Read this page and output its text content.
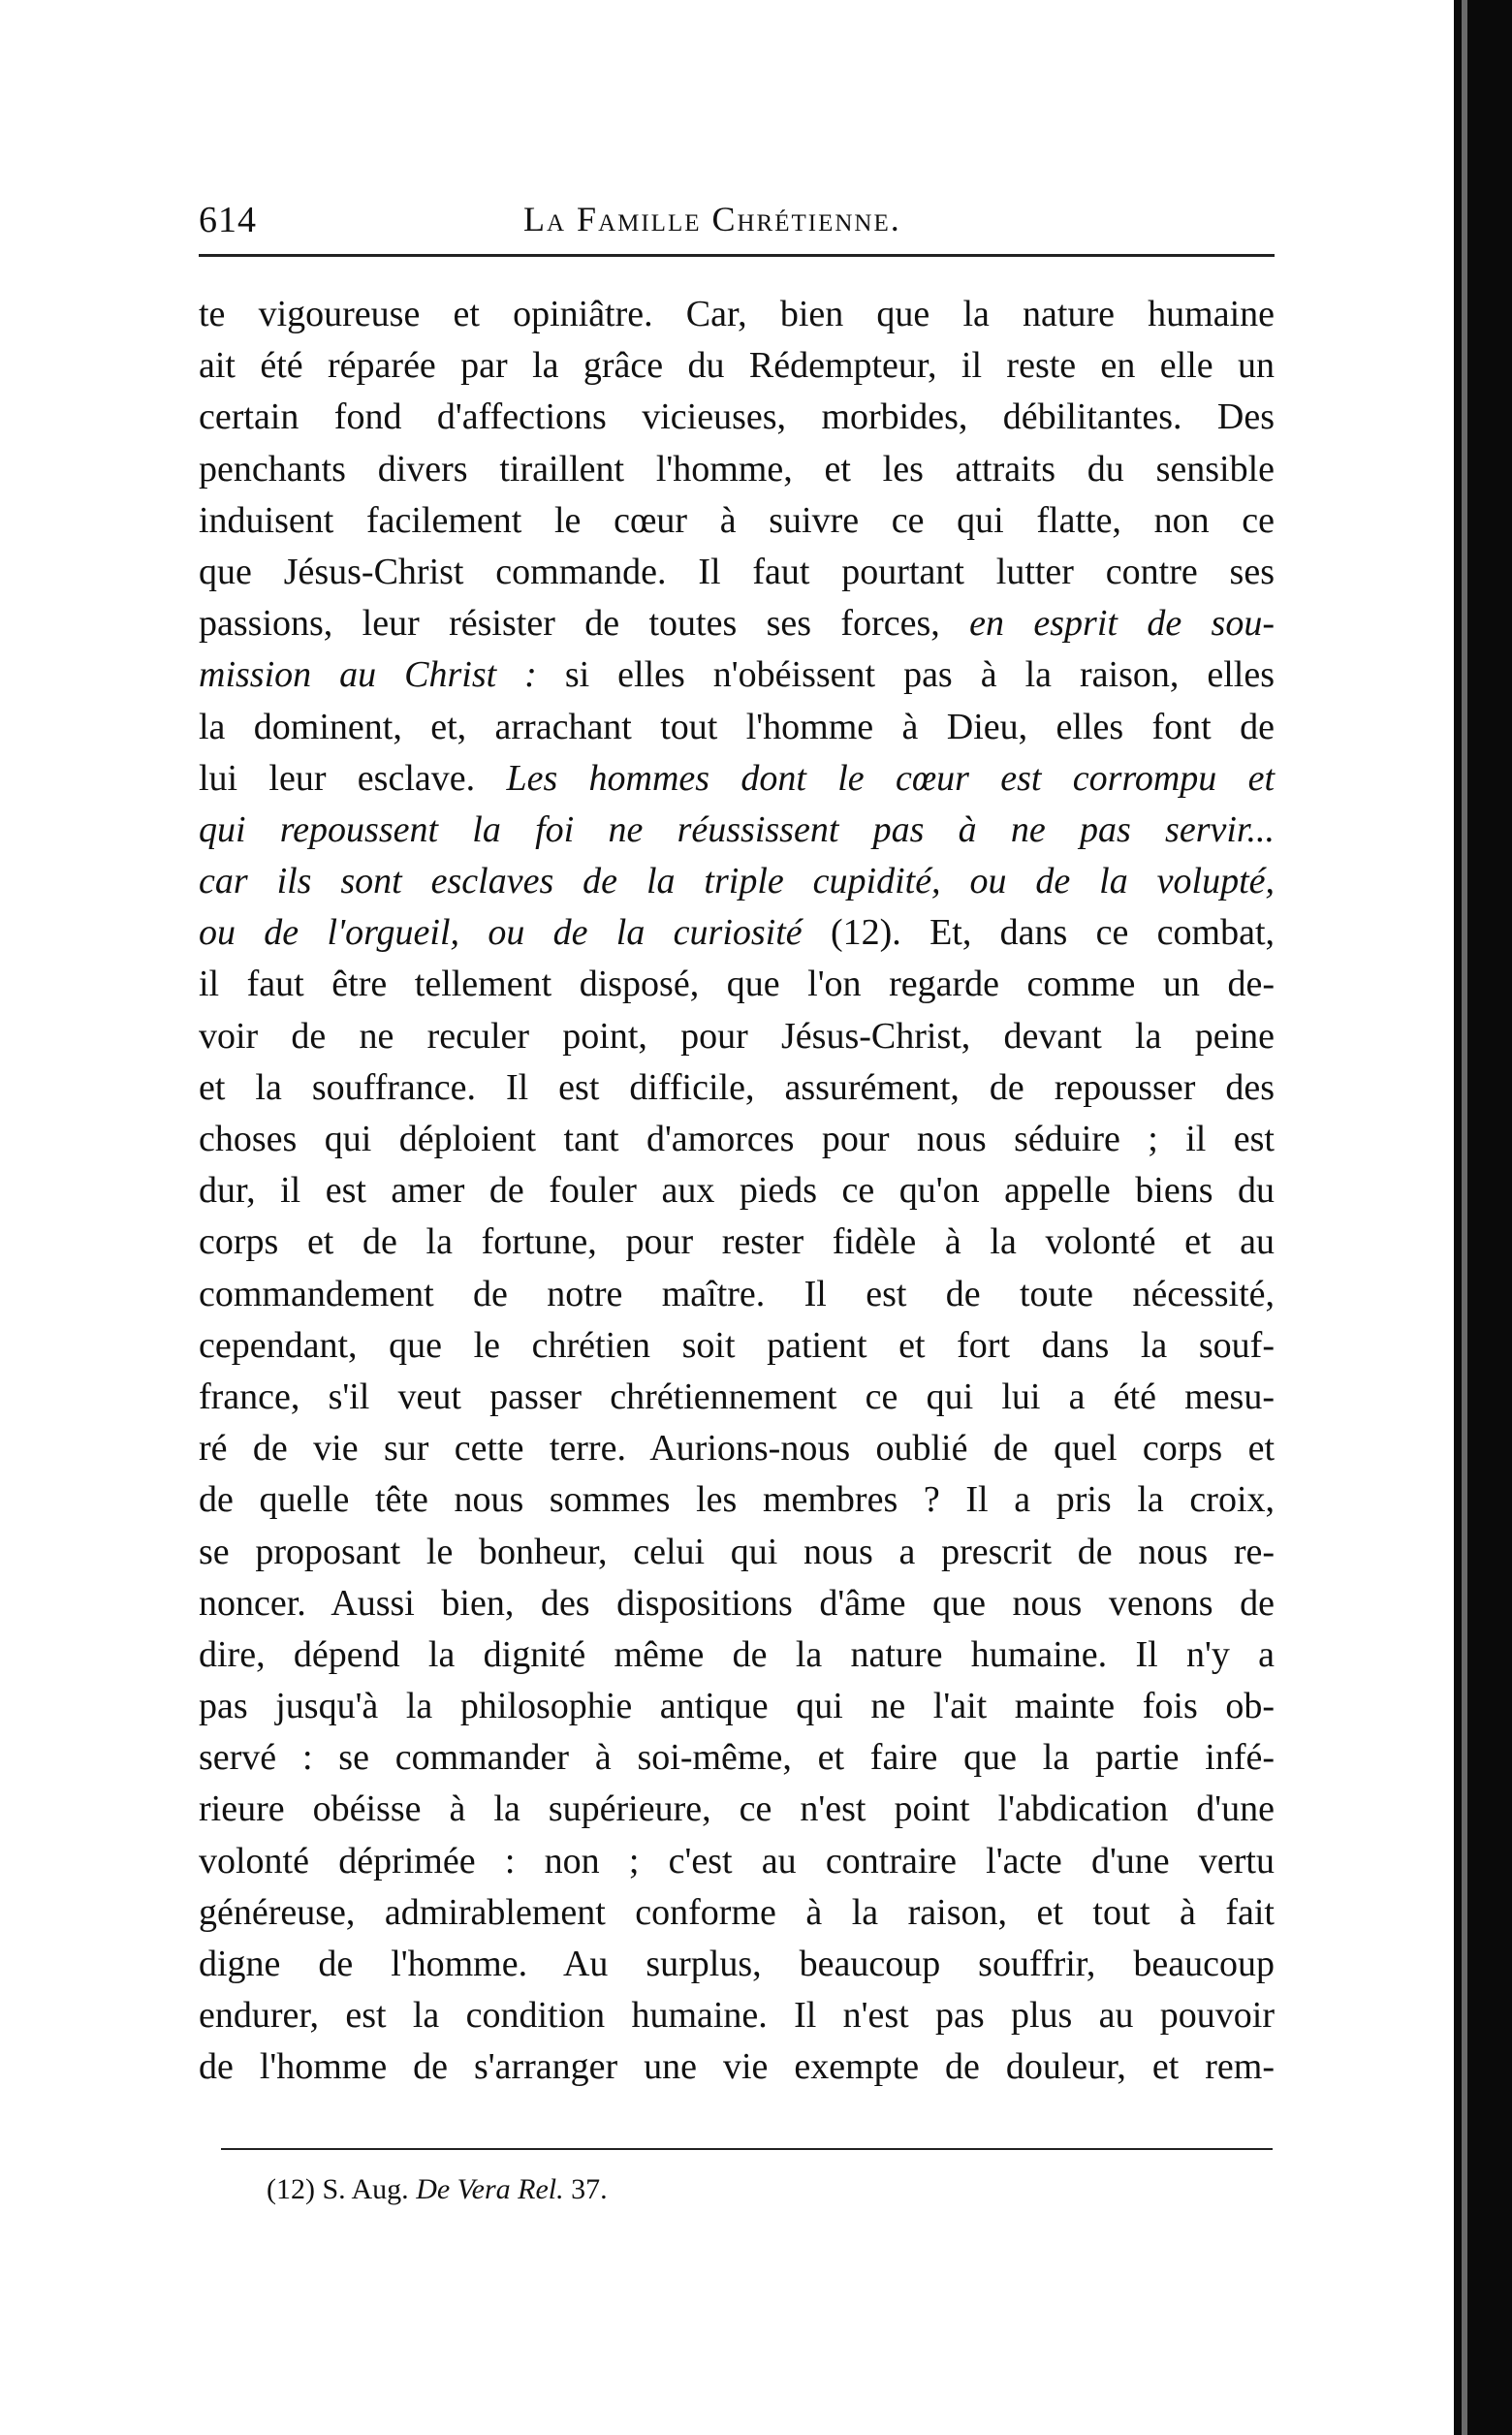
614	La Famille Chrétienne.
te vigoureuse et opiniâtre. Car, bien que la nature humaine
ait été réparée par la grâce du Rédempteur, il reste en elle un
certain fond d'affections vicieuses, morbides, débilitantes. Des
penchants divers tiraillent l'homme, et les attraits du sensible
induisent facilement le cœur à suivre ce qui flatte, non ce
que Jésus-Christ commande. Il faut pourtant lutter contre ses
passions, leur résister de toutes ses forces, en esprit de sou-
mission au Christ : si elles n'obéissent pas à la raison, elles
la dominent, et, arrachant tout l'homme à Dieu, elles font de
lui leur esclave. Les hommes dont le cœur est corrompu et
qui repoussent la foi ne réussissent pas à ne pas servir...
car ils sont esclaves de la triple cupidité, ou de la volupté,
ou de l'orgueil, ou de la curiosité (12). Et, dans ce combat,
il faut être tellement disposé, que l'on regarde comme un de-
voir de ne reculer point, pour Jésus-Christ, devant la peine
et la souffrance. Il est difficile, assurément, de repousser des
choses qui déploient tant d'amorces pour nous séduire ; il est
dur, il est amer de fouler aux pieds ce qu'on appelle biens du
corps et de la fortune, pour rester fidèle à la volonté et au
commandement de notre maître. Il est de toute nécessité,
cependant, que le chrétien soit patient et fort dans la souf-
france, s'il veut passer chrétiennement ce qui lui a été mesu-
ré de vie sur cette terre. Aurions-nous oublié de quel corps et
de quelle tête nous sommes les membres ? Il a pris la croix,
se proposant le bonheur, celui qui nous a prescrit de nous re-
noncer. Aussi bien, des dispositions d'âme que nous venons de
dire, dépend la dignité même de la nature humaine. Il n'y a
pas jusqu'à la philosophie antique qui ne l'ait mainte fois ob-
servé : se commander à soi-même, et faire que la partie infé-
rieure obéisse à la supérieure, ce n'est point l'abdication d'une
volonté déprimée : non ; c'est au contraire l'acte d'une vertu
généreuse, admirablement conforme à la raison, et tout à fait
digne de l'homme. Au surplus, beaucoup souffrir, beaucoup
endurer, est la condition humaine. Il n'est pas plus au pouvoir
de l'homme de s'arranger une vie exempte de douleur, et rem-
(12) S. Aug. De Vera Rel. 37.
